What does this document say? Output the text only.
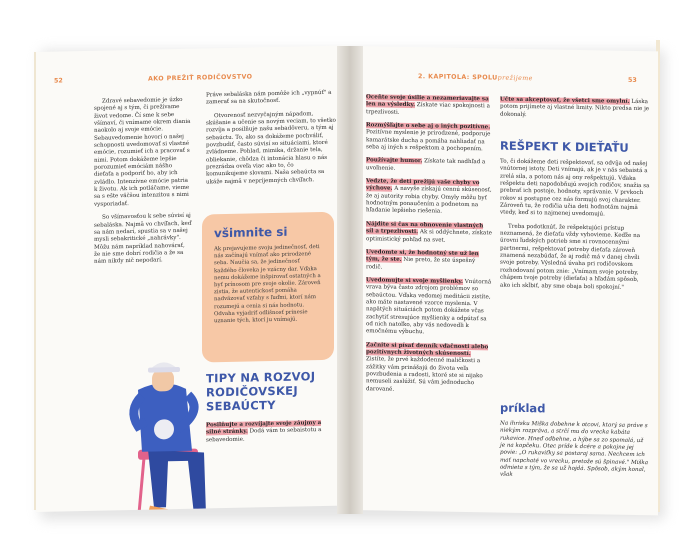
52	AKO PREŽIŤ RODIČOVSTVO

Zdravé sebavedomie je úzko spojené aj s tým, či prežívame život vedome. Čí sme k sebe všímaví, či vnímame okrem diania naokolo aj svoje emócie. Sebauvedomenie hovorí o našej schopnosti uvedomovať si vlastné emócie, rozumieť ich a pracovať s nimi. Potom dokážeme lepšie porozumieť emóciám nášho dieťaťa a podporiť ho, aby ich zvládlo. Intenzívne emócie patria k životu. Ak ich potláčame, vieme sa s ešte väčšou intenzitou s nimi vysporiadať.

So všímavosťou k sebe súvisí aj sebaláska. Najmä vo chvíľach, keď sa nám nedarí, spustia sa v našej mysli sebakritické „nahrávky". Môžu nám napríklad nahovárať, že nie sme dobrí rodičia a že sa nám nikdy nič nepodarí.

Práve sebaláska nám pomôže ich „vypnúť" a zamerať sa na skutočnosť.

Otvorenosť nezvyčajným nápadom, skúšanie a učenie sa novým veciam, to všetko rozvíja a posilňuje našu sebadôveru, a tým aj sebaúctu. To, ako sa dokážeme pochváliť, povzbudiť, často súvisí so situáciami, ktoré zvládneme. Pohlad, mimika, držanie tela, obliekanie, chôdza či intonácia hlasu o nás prezrádza oveľa viac ako to, čo komunikujeme slovami. Naša sebaúcta sa ukáže najmä v nepríjemných chvíľach.

všimnite si

Ak prejavujeme svoju jedinečnosť, deti nás začínajú vnímať ako prirodzené seba. Naučia sa, že jedinečnosť každého človeka je vzácny dar. Vďaka nemu dokážeme inšpirovať ostatných a byť prínosom pre svoje okolie. Zároveň zistia, že autentickosť pomáha nadväzovať vzťahy s ľuďmi, ktorí nám rozumejú a cenia si nás hodnotu. Odvaha vyjadriť odlišnosť prinesie uznanie tých, ktorí ju vnímajú.

TIPY NA ROZVOJ RODIČOVSKEJ SEBAÚCTY
Posilňujte a rozvíjajte svoje záujmy a silné stránky. Dodá vám to sebaistotu a sebavedomie.
2. KAPITOLA: SPOLUprežijeme	53

Oceňte svoje úsilie a nezameriavajte sa len na výsledky. Získate viac spokojnosti a trpezlivosti.

Rozmýšľajte o sebe aj o iných pozitívne. Pozitívne myslenie je prirodzené, podporuje kamarátske ducha a pomáha nahliadať na seba aj iných s rešpektom a pochopením.

Používajte humor. Získate tak nadhľad a uvoľnenie.

Vedzte, že deti prežijú vaše chyby vo výchove. A navyše získajú cennú skúsenosť, že aj autority robia chyby. Omyly môžu byť hodnotným ponaučením a podnetom na hľadanie lepšieho riešenia.

Nájdite si čas na obnovenie vlastných síl a trpezlivosti. Ak si oddýchnete, získate optimistický pohľad na svet.

Uvedomte si, že hodnotný ste už len tým, že ste. Nie preto, že ste úspešný rodič.

Uvedomujte si svoje myšlienky. Vnútorná vrava býva často zdrojom problémov so sebaúctou. Vďaka vedomej meditácii zistíte, ako máte nastavené vzorce myslenia. V napätých situáciách potom dokážete včas zachytiť stresujúce myšlienky a odpútať sa od nich natoľko, aby vás nedovedli k emočnému výbuchu.

Začnite si písať denník vďačnosti alebo pozitívnych životných skúseností. Zistíte, že prvé každodenné maličkosti a zážitky vám prinášajú do života veľa povzbudenia a radosti, ktoré ste si nijako nemuseli zaslúžiť. Sú vám jednoducho darované.

Učte sa akceptovať, že všetci sme omylní. Láska potom prijímete aj vlastné limity. Nikto predsa nie je dokonalý.
REŠPEKT K DIEŤAŤU

To, či dokážeme deti rešpektovať, sa odvíja od našej vnútornej istoty. Deti vnímajú, ak je v nás sebaistá a zrelá sila, a potom nás aj ony rešpektujú. Vďaka rešpektu deti napodobňujú svojich rodičov, snažia sa prebrať ich postoje, hodnoty, správanie. V prvkoch rokov si postupne cez nás formujú svoj charakter. Zároveň tu, že rodičia učia deti hodnotám najmä vtedy, keď si to najmenej uvedomujú.

Treba podotknúť, že rešpektujúci prístup neznamená, že dieťaťu vždy vyhovieme. Keďže na úrovni ľudských potrieb sme si rovnocennými partnermi, rešpektovať potreby dieťaťa zároveň znamená nezabúdať, že aj rodič má v danej chvíli svoje potreby. Výsledná úvaha pri rodičovskom rozhodovaní potom znie: „Vnímam svoje potreby, chápem tvoje potreby (dieťaťa) a hľadám spôsob, ako ich skĺbiť, aby sme obaja boli spokojní."

príklad
Na ihrisku Miška dobehne k otcovi, ktorý sa práve s niekým rozpráva, a strčí mu do vrecka kabáta rukavice. Hneď odbehne, a hýbe sa zo spomalá, už je na kopčeku. Otec príde k dcére a pokojne jej povie: „O rukaviťky sa postaraj sama. Nechcem ich mať napchaté vo vrecku, pretože sú špinavé." Miška odmieta s tým, že sa už hojdá. Spôsob, akým konal, však
